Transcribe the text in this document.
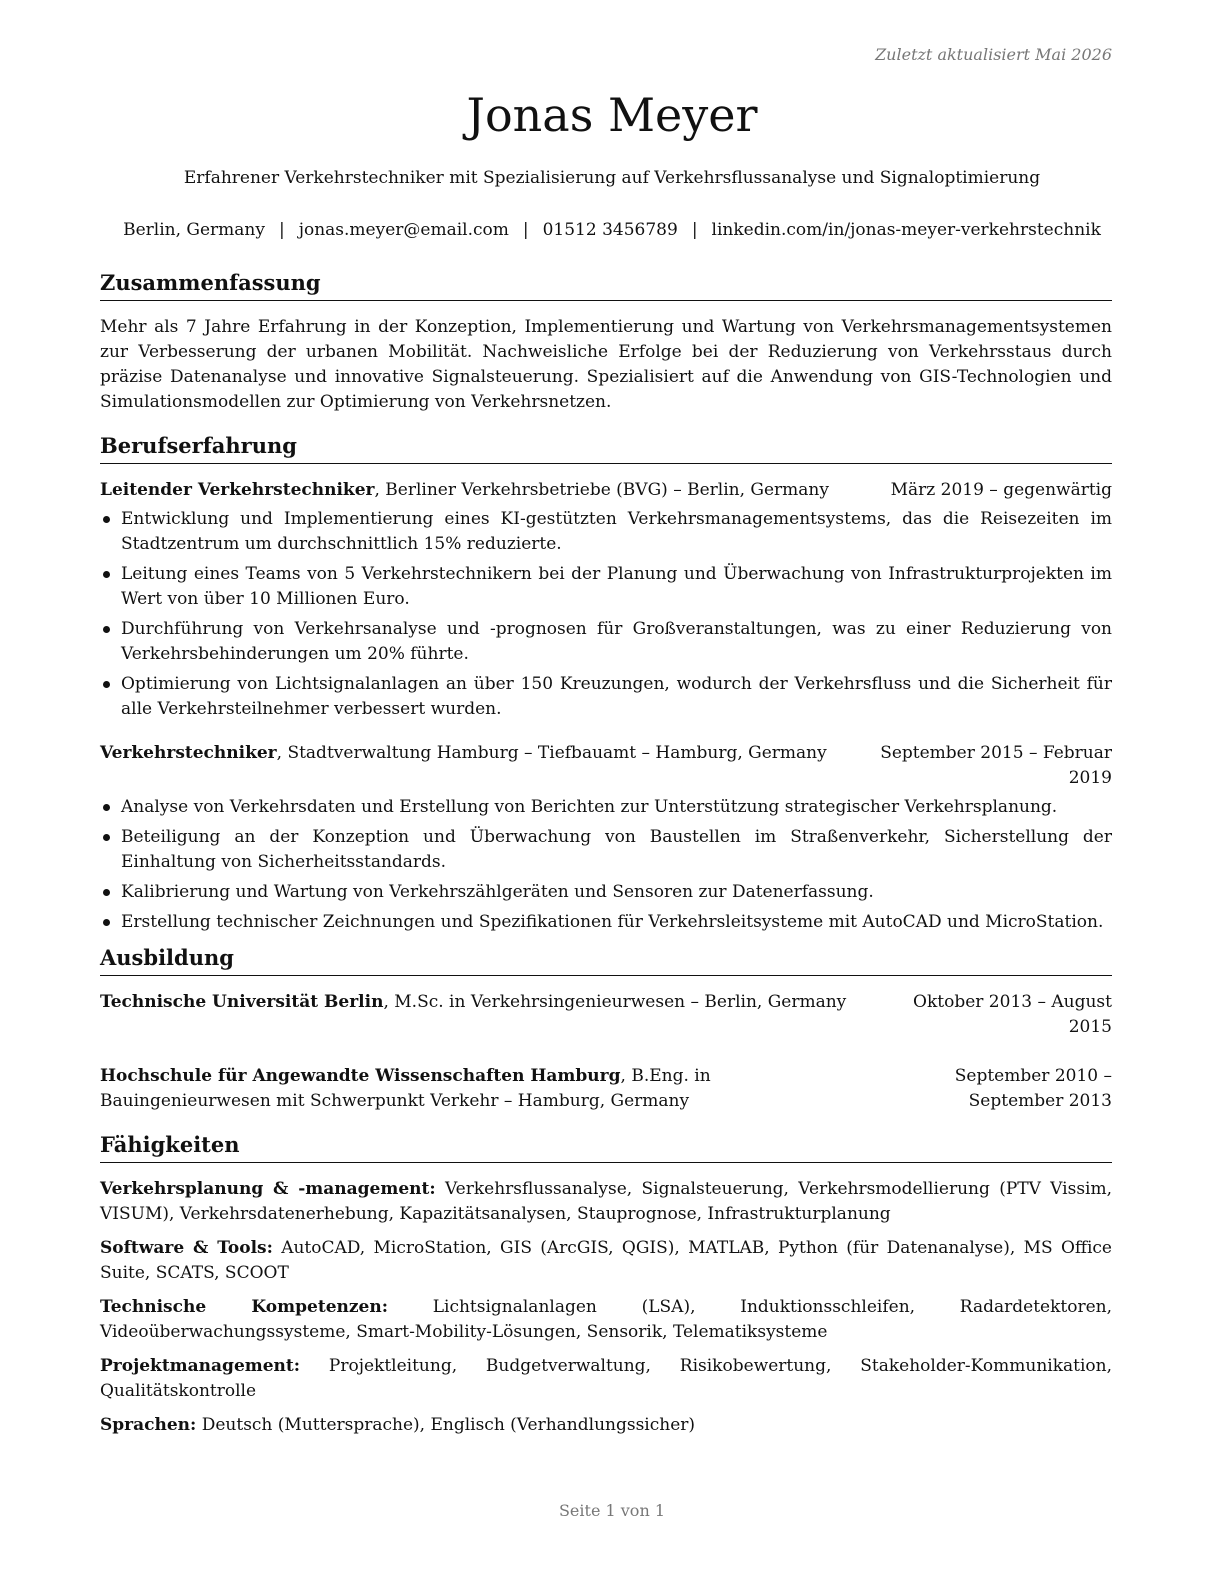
Zuletzt aktualisiert Mai 2026
Jonas Meyer
Erfahrener Verkehrstechniker mit Spezialisierung auf Verkehrsflussanalyse und Signaloptimierung
Berlin, Germany | jonas.meyer@email.com | 01512 3456789 | linkedin.com/in/jonas-meyer-verkehrstechnik
Zusammenfassung
Mehr als 7 Jahre Erfahrung in der Konzeption, Implementierung und Wartung von Verkehrsmanagementsystemen zur Verbesserung der urbanen Mobilität. Nachweisliche Erfolge bei der Reduzierung von Verkehrsstaus durch präzise Datenanalyse und innovative Signalsteuerung. Spezialisiert auf die Anwendung von GIS-Technologien und Simulationsmodellen zur Optimierung von Verkehrsnetzen.
Berufserfahrung
Leitender Verkehrstechniker, Berliner Verkehrsbetriebe (BVG) – Berlin, Germany	März 2019 – gegenwärtig
Entwicklung und Implementierung eines KI-gestützten Verkehrsmanagementsystems, das die Reisezeiten im Stadtzentrum um durchschnittlich 15% reduzierte.
Leitung eines Teams von 5 Verkehrstechnikern bei der Planung und Überwachung von Infrastrukturprojekten im Wert von über 10 Millionen Euro.
Durchführung von Verkehrsanalyse und -prognosen für Großveranstaltungen, was zu einer Reduzierung von Verkehrsbehinderungen um 20% führte.
Optimierung von Lichtsignalanlagen an über 150 Kreuzungen, wodurch der Verkehrsfluss und die Sicherheit für alle Verkehrsteilnehmer verbessert wurden.
Verkehrstechniker, Stadtverwaltung Hamburg – Tiefbauamt – Hamburg, Germany	September 2015 – Februar 2019
Analyse von Verkehrsdaten und Erstellung von Berichten zur Unterstützung strategischer Verkehrsplanung.
Beteiligung an der Konzeption und Überwachung von Baustellen im Straßenverkehr, Sicherstellung der Einhaltung von Sicherheitsstandards.
Kalibrierung und Wartung von Verkehrszählgeräten und Sensoren zur Datenerfassung.
Erstellung technischer Zeichnungen und Spezifikationen für Verkehrsleitsysteme mit AutoCAD und MicroStation.
Ausbildung
Technische Universität Berlin, M.Sc. in Verkehrsingenieurwesen – Berlin, Germany	Oktober 2013 – August 2015
Hochschule für Angewandte Wissenschaften Hamburg, B.Eng. in Bauingenieurwesen mit Schwerpunkt Verkehr – Hamburg, Germany
September 2010 – September 2013
Fähigkeiten
Verkehrsplanung & -management: Verkehrsflussanalyse, Signalsteuerung, Verkehrsmodellierung (PTV Vissim, VISUM), Verkehrsdatenerhebung, Kapazitätsanalysen, Stauprognose, Infrastrukturplanung
Software & Tools: AutoCAD, MicroStation, GIS (ArcGIS, QGIS), MATLAB, Python (für Datenanalyse), MS Office Suite, SCATS, SCOOT
Technische Kompetenzen:	Lichtsignalanlagen (LSA), Induktionsschleifen, Radardetektoren, Videoüberwachungssysteme, Smart-Mobility-Lösungen, Sensorik, Telematiksysteme
Projektmanagement: Projektleitung, Budgetverwaltung, Risikobewertung, Stakeholder-Kommunikation, Qualitätskontrolle
Sprachen: Deutsch (Muttersprache), Englisch (Verhandlungssicher)
Seite 1 von 1
